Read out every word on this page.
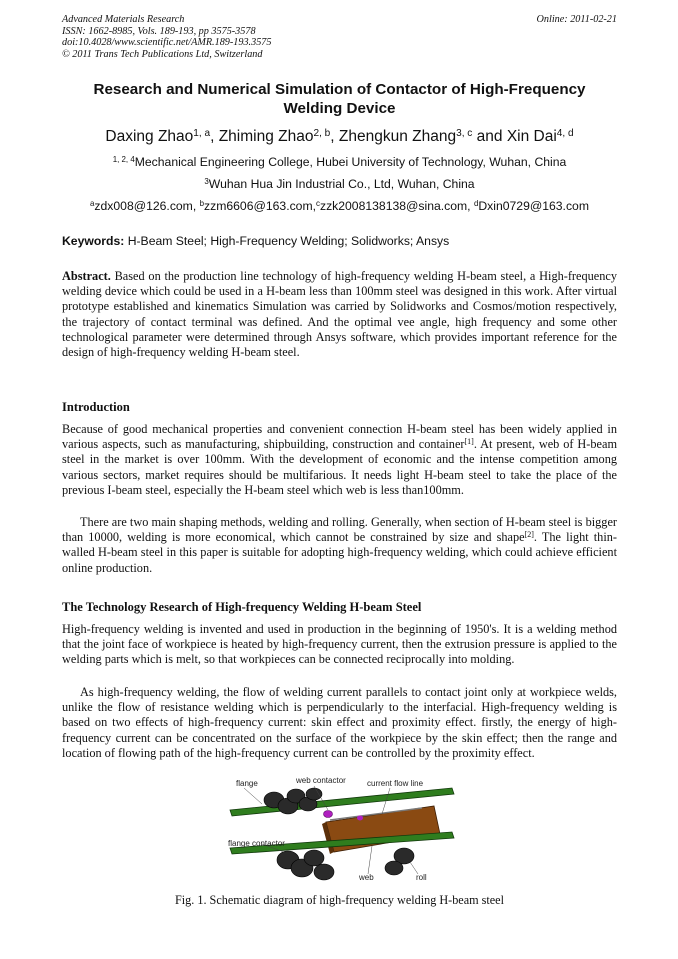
Advanced Materials Research
ISSN: 1662-8985, Vols. 189-193, pp 3575-3578
doi:10.4028/www.scientific.net/AMR.189-193.3575
© 2011 Trans Tech Publications Ltd, Switzerland
Online: 2011-02-21
Research and Numerical Simulation of Contactor of High-Frequency
Welding Device
Daxing Zhao$^{1, a}$, Zhiming Zhao$^{2, b}$, Zhengkun Zhang$^{3, c}$ and Xin Dai$^{4, d}$
$^{1, 2, 4}$Mechanical Engineering College, Hubei University of Technology, Wuhan, China
$^3$Wuhan Hua Jin Industrial Co., Ltd, Wuhan, China
$^a$zdx008@126.com, $^b$zzm6606@163.com,$^c$zzk2008138138@sina.com, $^d$Dxin0729@163.com
Keywords: H-Beam Steel; High-Frequency Welding; Solidworks; Ansys
Abstract. Based on the production line technology of high-frequency welding H-beam steel, a High-frequency welding device which could be used in a H-beam less than 100mm steel was designed in this work. After virtual prototype established and kinematics Simulation was carried by Solidworks and Cosmos/motion respectively, the trajectory of contact terminal was defined. And the optimal vee angle, high frequency and some other technological parameter were determined through Ansys software, which provides important reference for the design of high-frequency welding H-beam steel.
Introduction
Because of good mechanical properties and convenient connection H-beam steel has been widely applied in various aspects, such as manufacturing, shipbuilding, construction and container[1]. At present, web of H-beam steel in the market is over 100mm. With the development of economic and the intense competition among various sectors, market requires should be multifarious. It needs light H-beam steel to take the place of the previous I-beam steel, especially the H-beam steel which web is less than100mm.
There are two main shaping methods, welding and rolling. Generally, when section of H-beam steel is bigger than 10000, welding is more economical, which cannot be constrained by size and shape[2]. The light thin-walled H-beam steel in this paper is suitable for adopting high-frequency welding, which could achieve efficient online production.
The Technology Research of High-frequency Welding H-beam Steel
High-frequency welding is invented and used in production in the beginning of 1950's. It is a welding method that the joint face of workpiece is heated by high-frequency current, then the extrusion pressure is applied to the welding parts which is melt, so that workpieces can be connected reciprocally into molding.
As high-frequency welding, the flow of welding current parallels to contact joint only at workpiece welds, unlike the flow of resistance welding which is perpendicularly to the interfacial. High-frequency welding is based on two effects of high-frequency current: skin effect and proximity effect. firstly, the energy of high-frequency current can be concentrated on the surface of the workpiece by the skin effect; then the range and location of flowing path of the high-frequency current can be controlled by the proximity effect.
flange	web contactor	current flow line
flange contactor
web	roll
Fig. 1. Schematic diagram of high-frequency welding H-beam steel
